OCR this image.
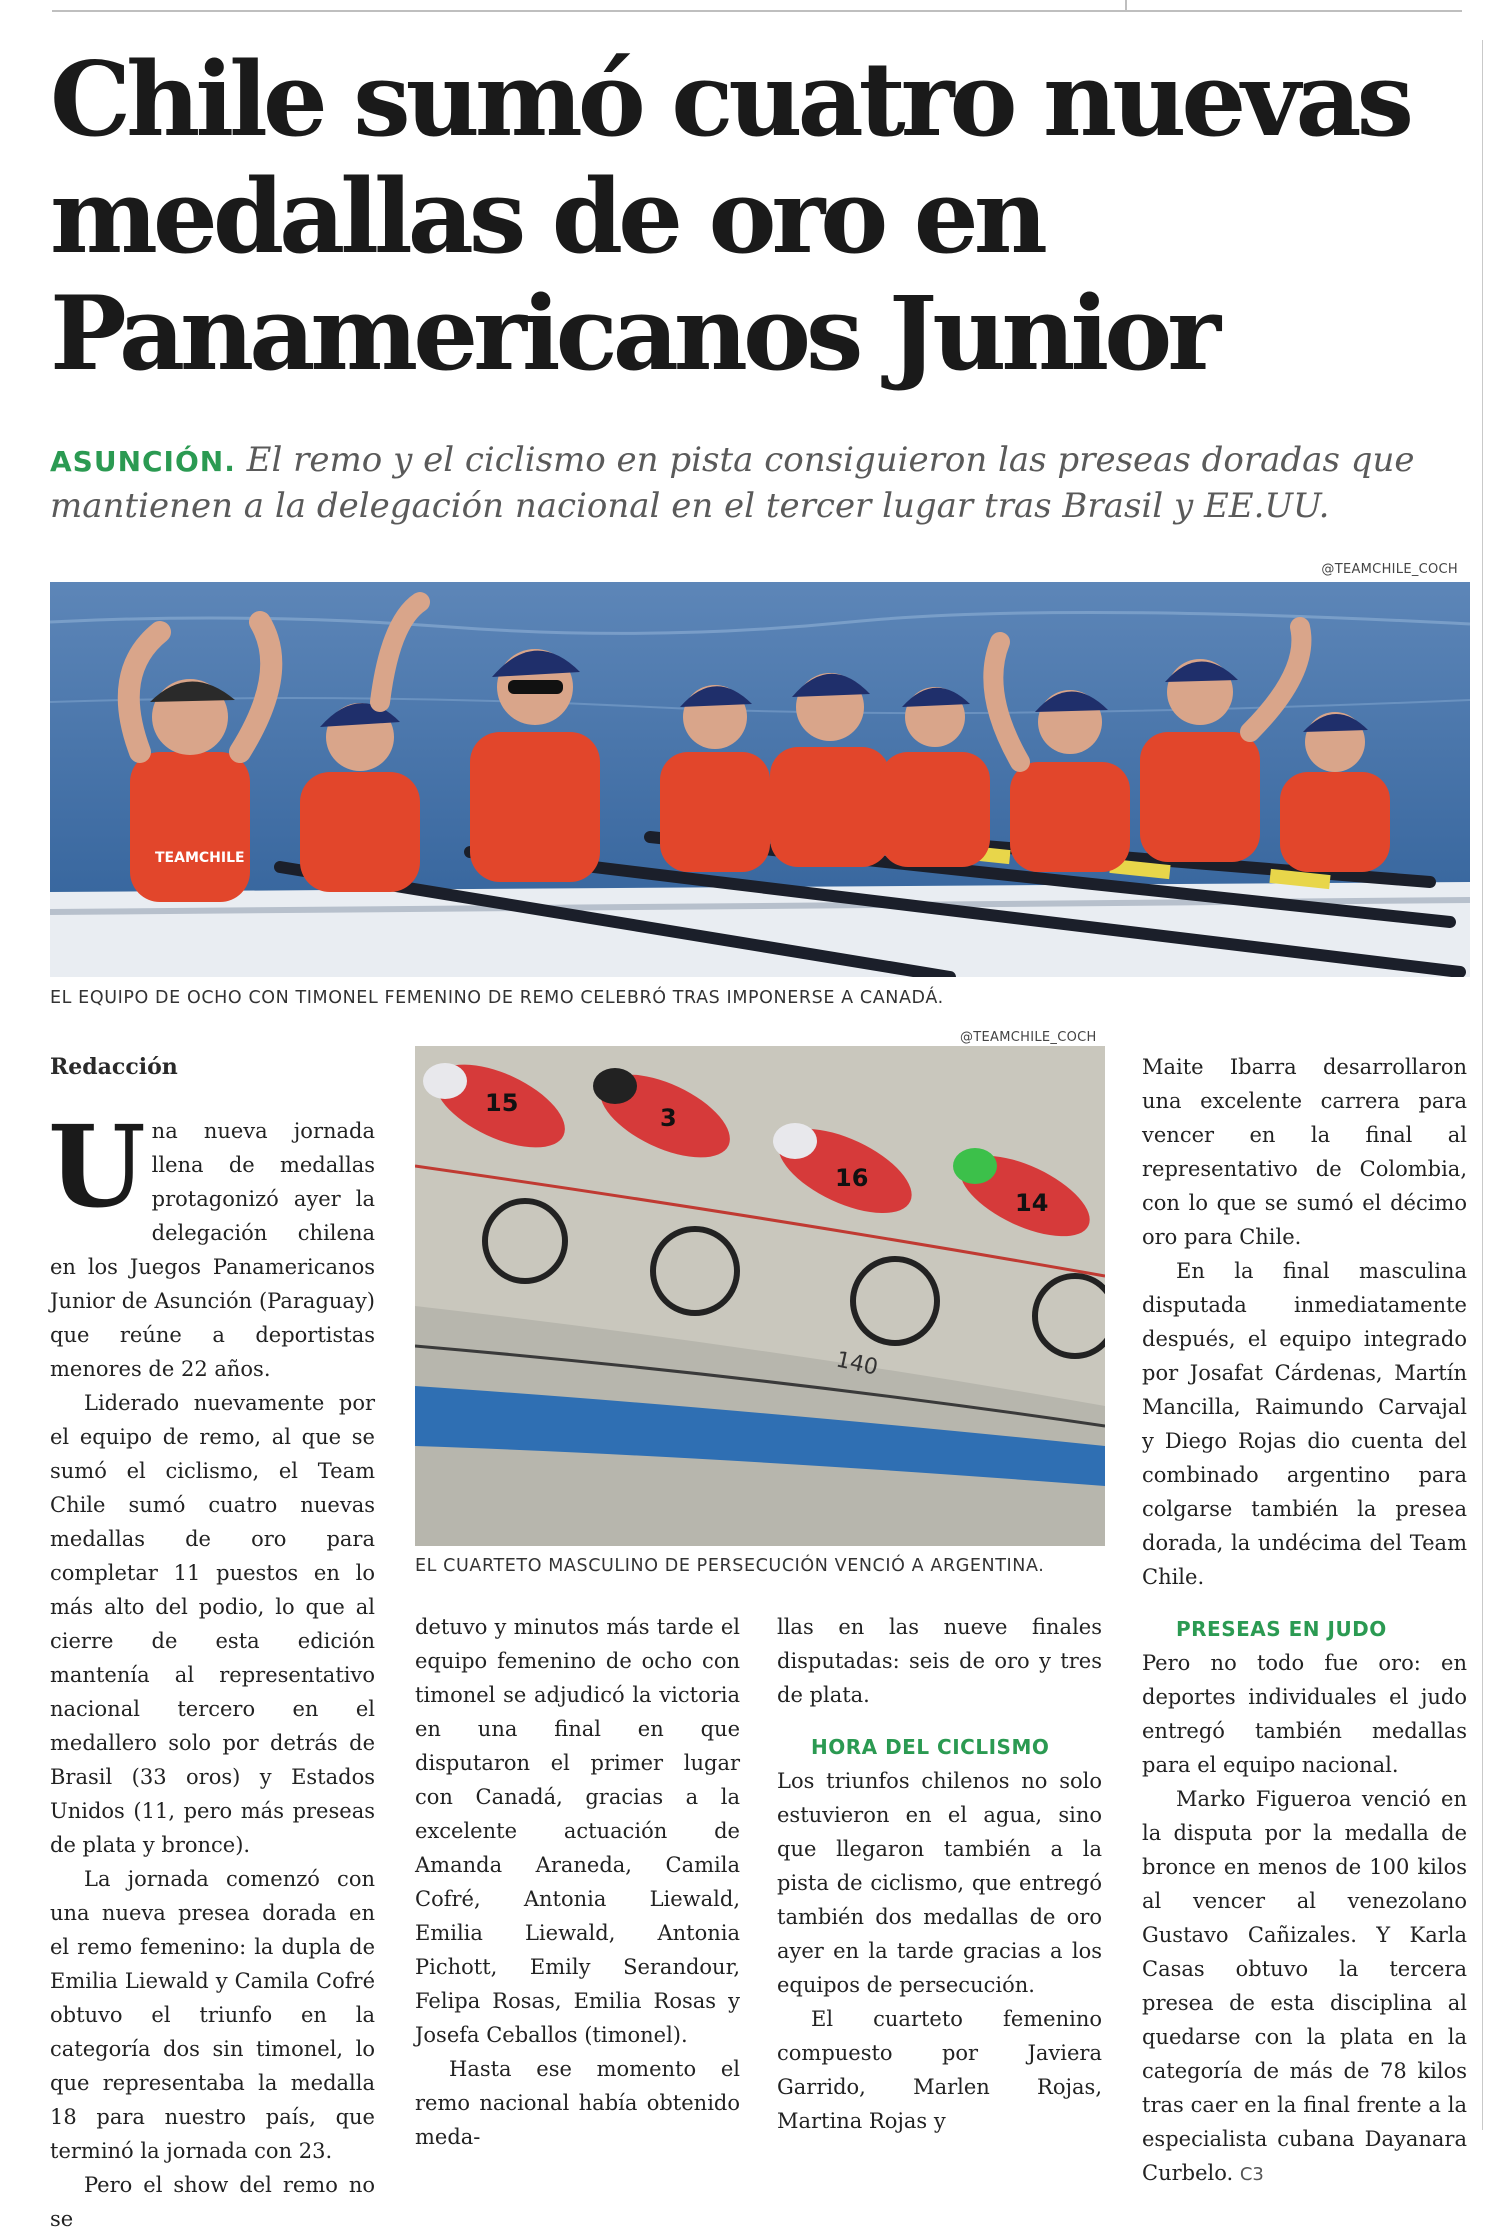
Chile sumó cuatro nuevas
medallas de oro en
Panamericanos Junior

ASUNCIÓN. El remo y el ciclismo en pista consiguieron las preseas doradas que mantienen a la delegación nacional en el tercer lugar tras Brasil y EE.UU.

@TEAMCHILE_COCH
TEAMCHILE
EL EQUIPO DE OCHO CON TIMONEL FEMENINO DE REMO CELEBRÓ TRAS IMPONERSE A CANADÁ.
@TEAMCHILE_COCH
140
15
3
16
14
EL CUARTETO MASCULINO DE PERSECUCIÓN VENCIÓ A ARGENTINA.
Redacción

Una nueva jornada llena de medallas protagonizó ayer la delegación chilena en los Juegos Panamericanos Junior de Asunción (Paraguay) que reúne a deportistas menores de 22 años.

Liderado nuevamente por el equipo de remo, al que se sumó el ciclismo, el Team Chile sumó cuatro nuevas medallas de oro para completar 11 puestos en lo más alto del podio, lo que al cierre de esta edición mantenía al representativo nacional tercero en el medallero solo por detrás de Brasil (33 oros) y Estados Unidos (11, pero más preseas de plata y bronce).

La jornada comenzó con una nueva presea dorada en el remo femenino: la dupla de Emilia Liewald y Camila Cofré obtuvo el triunfo en la categoría dos sin timonel, lo que representaba la medalla 18 para nuestro país, que terminó la jornada con 23.

Pero el show del remo no se

detuvo y minutos más tarde el equipo femenino de ocho con timonel se adjudicó la victoria en una final en que disputaron el primer lugar con Canadá, gracias a la excelente actuación de Amanda Araneda, Camila Cofré, Antonia Liewald, Emilia Liewald, Antonia Pichott, Emily Serandour, Felipa Rosas, Emilia Rosas y Josefa Ceballos (timonel).

Hasta ese momento el remo nacional había obtenido meda-

llas en las nueve finales disputadas: seis de oro y tres de plata.

HORA DEL CICLISMO

Los triunfos chilenos no solo estuvieron en el agua, sino que llegaron también a la pista de ciclismo, que entregó también dos medallas de oro ayer en la tarde gracias a los equipos de persecución.

El cuarteto femenino compuesto por Javiera Garrido, Marlen Rojas, Martina Rojas y

Maite Ibarra desarrollaron una excelente carrera para vencer en la final al representativo de Colombia, con lo que se sumó el décimo oro para Chile.

En la final masculina disputada inmediatamente después, el equipo integrado por Josafat Cárdenas, Martín Mancilla, Raimundo Carvajal y Diego Rojas dio cuenta del combinado argentino para colgarse también la presea dorada, la undécima del Team Chile.

PRESEAS EN JUDO

Pero no todo fue oro: en deportes individuales el judo entregó también medallas para el equipo nacional.

Marko Figueroa venció en la disputa por la medalla de bronce en menos de 100 kilos al vencer al venezolano Gustavo Cañizales. Y Karla Casas obtuvo la tercera presea de esta disciplina al quedarse con la plata en la categoría de más de 78 kilos tras caer en la final frente a la especialista cubana Dayanara Curbelo. C3
